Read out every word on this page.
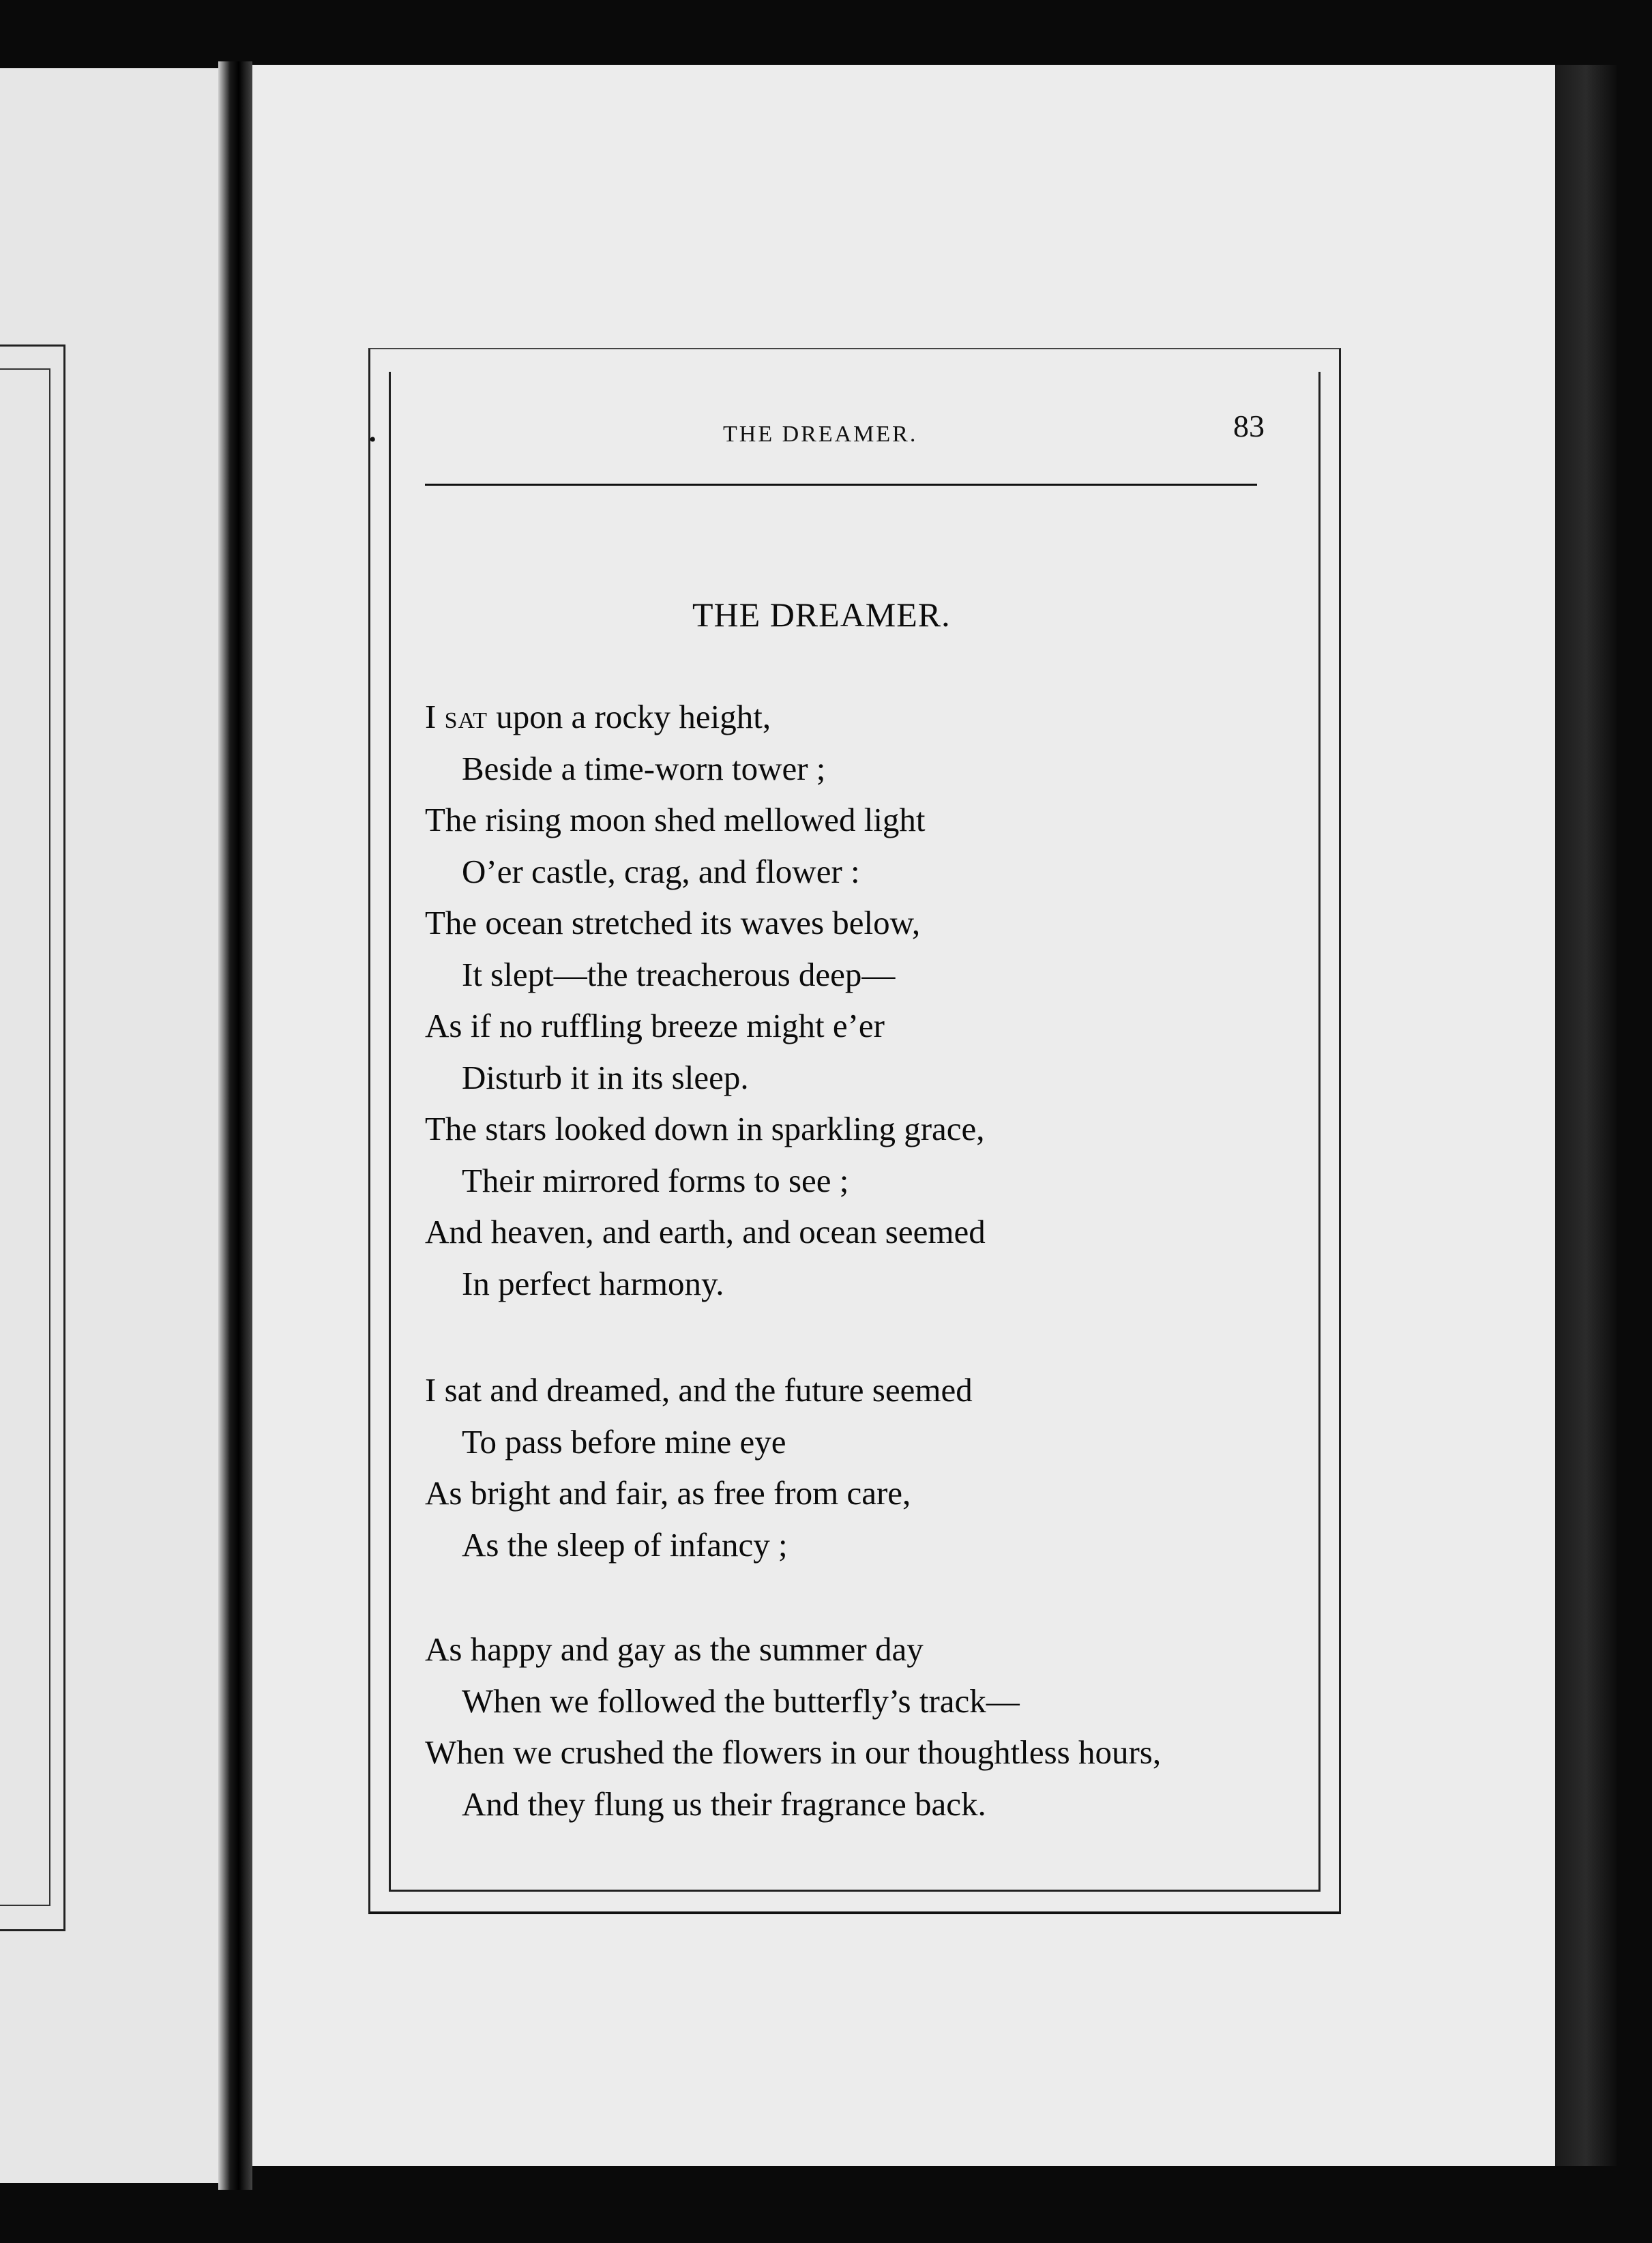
•	THE DREAMER.	83
THE DREAMER.
I sat upon a rocky height,
Beside a time-worn tower ;
The rising moon shed mellowed light
O’er castle, crag, and flower :
The ocean stretched its waves below,
It slept—the treacherous deep—
As if no ruffling breeze might e’er
Disturb it in its sleep.
The stars looked down in sparkling grace,
Their mirrored forms to see ;
And heaven, and earth, and ocean seemed
In perfect harmony.
I sat and dreamed, and the future seemed
To pass before mine eye
As bright and fair, as free from care,
As the sleep of infancy ;
As happy and gay as the summer day
When we followed the butterfly’s track—
When we crushed the flowers in our thoughtless hours,
And they flung us their fragrance back.
